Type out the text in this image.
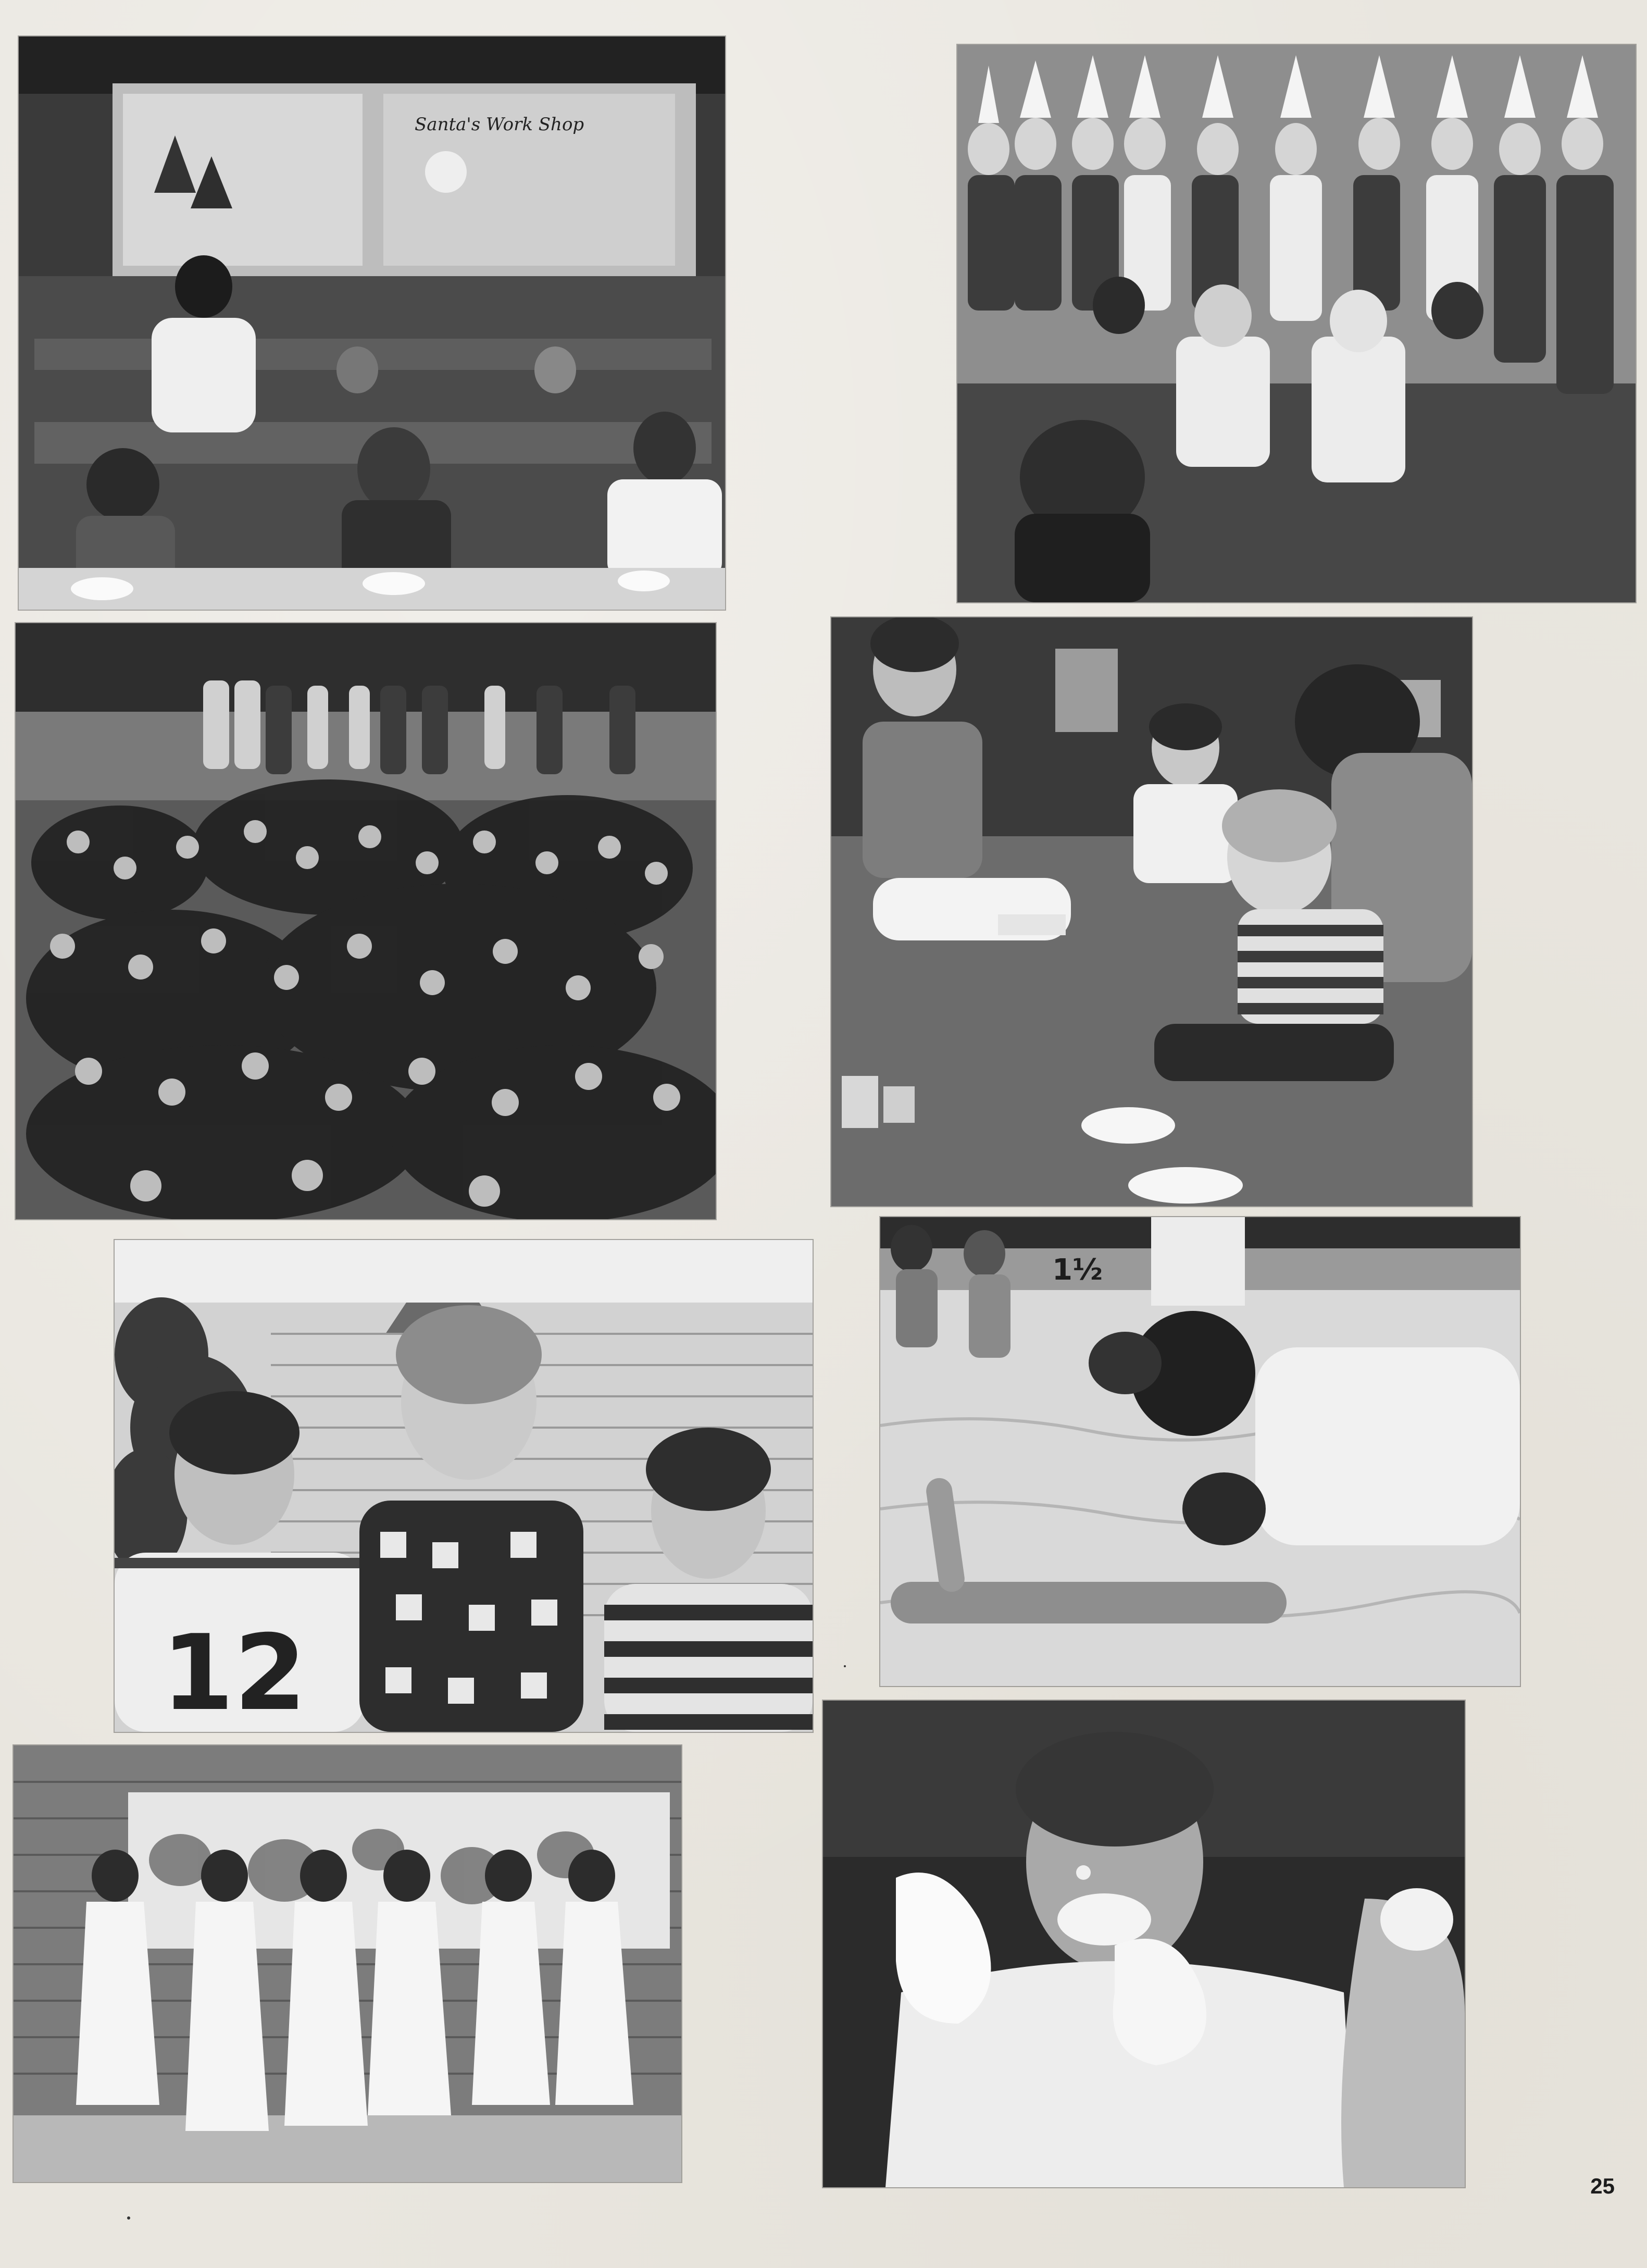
Santa's Work Shop
12
1½
25
